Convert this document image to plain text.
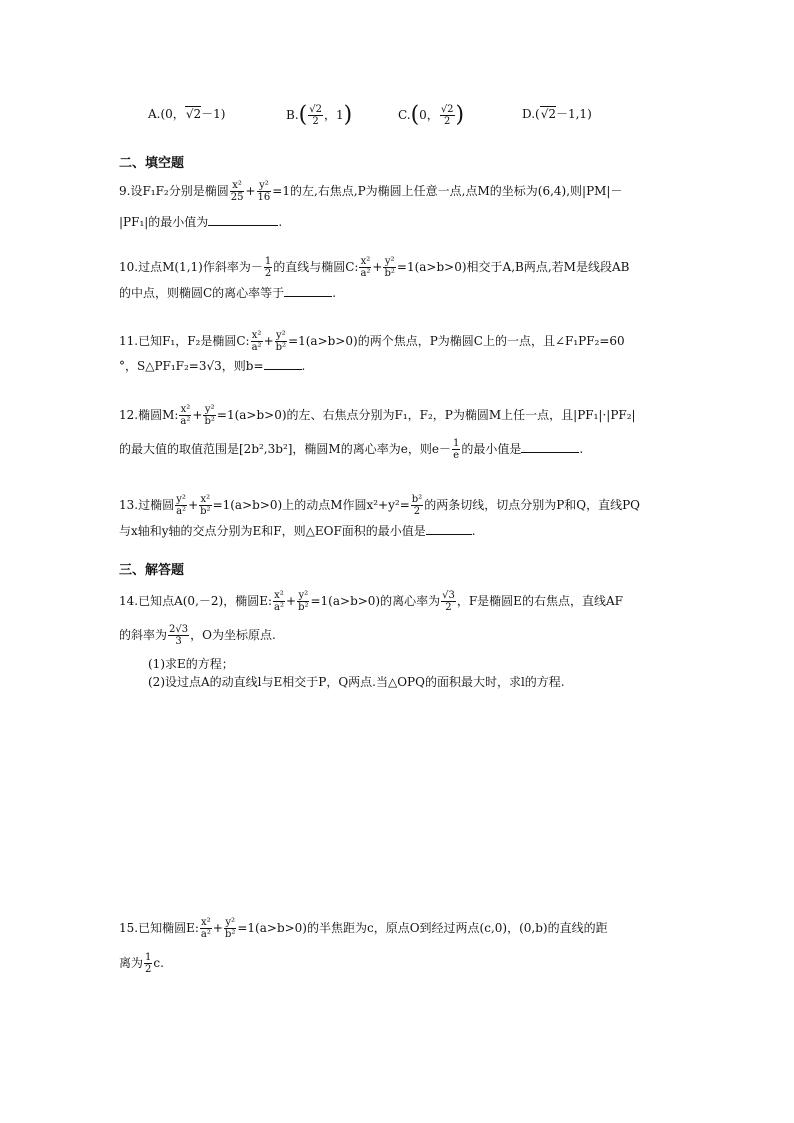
A.(0，√2－1)	$B.( \frac{√2}{2}$ ，1)	C.(0， $\frac{√2}{2}$ )	D.(√2－1,1)
二、填空题
9.设F₁F₂分别是椭圆 $\frac{\text{x²}}{25} + \frac{\text{y²}}{16} =1$的左,右焦点,P为椭圆上任意一点,点M的坐标为(6,4),则|PM|－
|PF₁|的最小值为	.
10.过点M(1,1)作斜率为－ $\frac{1}{2}$ 的直线与椭圆C: $\frac{\text{x²}}{\text{a²}} + \frac{\text{y²}}{\text{b²}} =1(a>b>0)$相交于A,B两点,若M是线段AB
的中点，则椭圆C的离心率等于	.
11.已知F₁，F₂是椭圆C: $\frac{\text{x²}}{\text{a²}} + \frac{\text{y²}}{\text{b²}} =1(a>b>0)$的两个焦点，P为椭圆C上的一点，且∠F₁PF₂=60
°，S△PF₁F₂=3√3，则b=	.
12.椭圆M: $\frac{\text{x²}}{\text{a²}} + \frac{\text{y²}}{\text{b²}} =1(a>b>0)$的左、右焦点分别为F₁，F₂，P为椭圆M上任一点，且|PF₁|·|PF₂|
的最大值的取值范围是[2b²,3b²]，椭圆M的离心率为e，则$e- \frac{1}{e}$ 的最小值是	.
13.过椭圆 $\frac{\text{y²}}{\text{a²}} + \frac{\text{x²}}{\text{b²}} =1(a>b>0)$上的动点M作圆$x^2+y^2= \frac{\text{b²}}{2}$ 的两条切线，切点分别为P和Q，直线PQ
与x轴和y轴的交点分别为E和F，则△EOF面积的最小值是	.
三、解答题
14.已知点A(0,－2)，椭圆E: $\frac{\text{x²}}{\text{a²}} + \frac{\text{y²}}{\text{b²}} =1(a>b>0)$的离心率为 $\frac{√3}{2}$ ，F是椭圆E的右焦点，直线AF
的斜率为 $\frac{2√3}{3}$ ，O为坐标原点.
(1)求E的方程；
(2)设过点A的动直线l与E相交于P，Q两点.当△OPQ的面积最大时，求l的方程.
15.已知椭圆E: $\frac{\text{x²}}{\text{a²}} + \frac{\text{y²}}{\text{b²}} =1(a>b>0)$的半焦距为c，原点O到经过两点(c,0)，(0,b)的直线的距
离为 $\frac{1}{2} c$.
